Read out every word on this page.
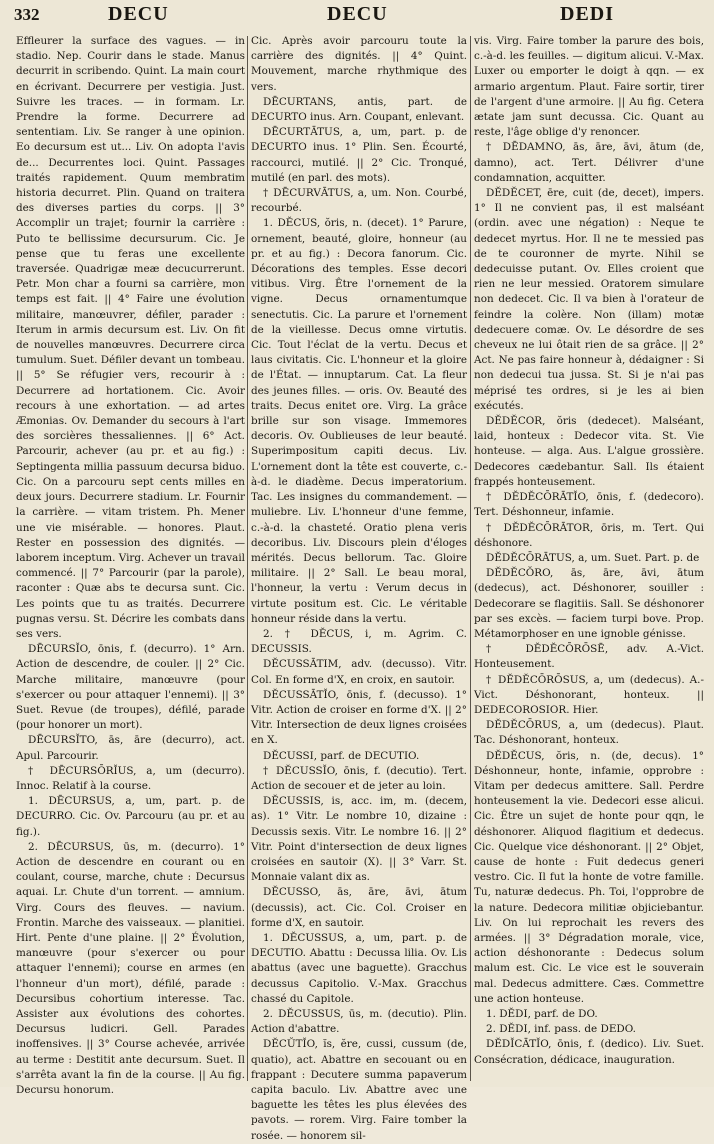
332	DECU	DECU	DEDI

Effleurer la surface des vagues. — in stadio. Nep. Courir dans le stade. Manus decurrit in scribendo. Quint. La main court en écrivant. Decurrere per vestigia. Just. Suivre les traces. — in formam. Lr. Prendre la forme. Decurrere ad sententiam. Liv. Se ranger à une opinion. Eo decursum est ut... Liv. On adopta l'avis de... Decurrentes loci. Quint. Passages traités rapidement. Quum membratim historia decurret. Plin. Quand on traitera des diverses parties du corps. || 3° Accomplir un trajet; fournir la carrière : Puto te bellissime decursurum. Cic. Je pense que tu feras une excellente traversée. Quadrigæ meæ decucurrerunt. Petr. Mon char a fourni sa carrière, mon temps est fait. || 4° Faire une évolution militaire, manœuvrer, défiler, parader : Iterum in armis decursum est. Liv. On fit de nouvelles manœuvres. Decurrere circa tumulum. Suet. Défiler devant un tombeau. || 5° Se réfugier vers, recourir à : Decurrere ad hortationem. Cic. Avoir recours à une exhortation. — ad artes Æmonias. Ov. Demander du secours à l'art des sorcières thessaliennes. || 6° Act. Parcourir, achever (au pr. et au fig.) : Septingenta millia passuum decursa biduo. Cic. On a parcouru sept cents milles en deux jours. Decurrere stadium. Lr. Fournir la carrière. — vitam tristem. Ph. Mener une vie misérable. — honores. Plaut. Rester en possession des dignités. — laborem inceptum. Virg. Achever un travail commencé. || 7° Parcourir (par la parole), raconter : Quæ abs te decursa sunt. Cic. Les points que tu as traités. Decurrere pugnas versu. St. Décrire les combats dans ses vers.

DĒCURSĬO, ōnis, f. (decurro). 1° Arn. Action de descendre, de couler. || 2° Cic. Marche militaire, manœuvre (pour s'exercer ou pour attaquer l'ennemi). || 3° Suet. Revue (de troupes), défilé, parade (pour honorer un mort).

DĒCURSĬTO, ās, āre (decurro), act. Apul. Parcourir.

† DĒCURSŌRĬUS, a, um (decurro). Innoc. Relatif à la course.

1. DĒCURSUS, a, um, part. p. de DECURRO. Cic. Ov. Parcouru (au pr. et au fig.).

2. DĒCURSUS, ūs, m. (decurro). 1° Action de descendre en courant ou en coulant, course, marche, chute : Decursus aquai. Lr. Chute d'un torrent. — amnium. Virg. Cours des fleuves. — navium. Frontin. Marche des vaisseaux. — planitiei. Hirt. Pente d'une plaine. || 2° Évolution, manœuvre (pour s'exercer ou pour attaquer l'ennemi); course en armes (en l'honneur d'un mort), défilé, parade : Decursibus cohortium interesse. Tac. Assister aux évolutions des cohortes. Decursus ludicri. Gell. Parades inoffensives. || 3° Course achevée, arrivée au terme : Destitit ante decursum. Suet. Il s'arrêta avant la fin de la course. || Au fig. Decursu honorum.

Cic. Après avoir parcouru toute la carrière des dignités. || 4° Quint. Mouvement, marche rhythmique des vers.

DĒCURTANS, antis, part. de DECURTO inus. Arn. Coupant, enlevant.

DĒCURTĀTUS, a, um, part. p. de DECURTO inus. 1° Plin. Sen. Écourté, raccourci, mutilé. || 2° Cic. Tronqué, mutilé (en parl. des mots).

† DĒCURVĀTUS, a, um. Non. Courbé, recourbé.

1. DĔCUS, ŏris, n. (decet). 1° Parure, ornement, beauté, gloire, honneur (au pr. et au fig.) : Decora fanorum. Cic. Décorations des temples. Esse decori vitibus. Virg. Être l'ornement de la vigne. Decus ornamentumque senectutis. Cic. La parure et l'ornement de la vieillesse. Decus omne virtutis. Cic. Tout l'éclat de la vertu. Decus et laus civitatis. Cic. L'honneur et la gloire de l'État. — innuptarum. Cat. La fleur des jeunes filles. — oris. Ov. Beauté des traits. Decus enitet ore. Virg. La grâce brille sur son visage. Immemores decoris. Ov. Oublieuses de leur beauté. Superimpositum capiti decus. Liv. L'ornement dont la tête est couverte, c.-à-d. le diadème. Decus imperatorium. Tac. Les insignes du commandement. — muliebre. Liv. L'honneur d'une femme, c.-à-d. la chasteté. Oratio plena veris decoribus. Liv. Discours plein d'éloges mérités. Decus bellorum. Tac. Gloire militaire. || 2° Sall. Le beau moral, l'honneur, la vertu : Verum decus in virtute positum est. Cic. Le véritable honneur réside dans la vertu.

2. † DĔCUS, i, m. Agrim. C. DECUSSIS.

DĔCUSSĀTIM, adv. (decusso). Vitr. Col. En forme d'X, en croix, en sautoir.

DĔCUSSĀTĬO, ōnis, f. (decusso). 1° Vitr. Action de croiser en forme d'X. || 2° Vitr. Intersection de deux lignes croisées en X.

DĔCUSSI, parf. de DECUTIO.

† DĔCUSSĬO, ōnis, f. (decutio). Tert. Action de secouer et de jeter au loin.

DĔCUSSIS, is, acc. im, m. (decem, as). 1° Vitr. Le nombre 10, dizaine : Decussis sexis. Vitr. Le nombre 16. || 2° Vitr. Point d'intersection de deux lignes croisées en sautoir (X). || 3° Varr. St. Monnaie valant dix as.

DĔCUSSO, ās, āre, āvi, ātum (decussis), act. Cic. Col. Croiser en forme d'X, en sautoir.

1. DĔCUSSUS, a, um, part. p. de DECUTIO. Abattu : Decussa lilia. Ov. Lis abattus (avec une baguette). Gracchus decussus Capitolio. V.-Max. Gracchus chassé du Capitole.

2. DĔCUSSUS, ūs, m. (decutio). Plin. Action d'abattre.

DĔCŬTĬO, ĭs, ĕre, cussi, cussum (de, quatio), act. Abattre en secouant ou en frappant : Decutere summa papaverum capita baculo. Liv. Abattre avec une baguette les têtes les plus élevées des pavots. — rorem. Virg. Faire tomber la rosée. — honorem sil-

vis. Virg. Faire tomber la parure des bois, c.-à-d. les feuilles. — digitum alicui. V.-Max. Luxer ou emporter le doigt à qqn. — ex armario argentum. Plaut. Faire sortir, tirer de l'argent d'une armoire. || Au fig. Cetera ætate jam sunt decussa. Cic. Quant au reste, l'âge oblige d'y renoncer.

† DĒDAMNO, ās, āre, āvi, ātum (de, damno), act. Tert. Délivrer d'une condamnation, acquitter.

DĔDĔCET, ēre, cuit (de, decet), impers. 1° Il ne convient pas, il est malséant (ordin. avec une négation) : Neque te dedecet myrtus. Hor. Il ne te messied pas de te couronner de myrte. Nihil se dedecuisse putant. Ov. Elles croient que rien ne leur messied. Oratorem simulare non dedecet. Cic. Il va bien à l'orateur de feindre la colère. Non (illam) motæ dedecuere comæ. Ov. Le désordre de ses cheveux ne lui ôtait rien de sa grâce. || 2° Act. Ne pas faire honneur à, dédaigner : Si non dedecui tua jussa. St. Si je n'ai pas méprisé tes ordres, si je les ai bien exécutés.

DĔDĔCOR, ŏris (dedecet). Malséant, laid, honteux : Dedecor vita. St. Vie honteuse. — alga. Aus. L'algue grossière. Dedecores cædebantur. Sall. Ils étaient frappés honteusement.

† DĔDĔCŌRĀTĬO, ōnis, f. (dedecoro). Tert. Déshonneur, infamie.

† DĔDĔCŌRĀTOR, ōris, m. Tert. Qui déshonore.

DĔDĔCŌRĀTUS, a, um. Suet. Part. p. de

DĔDĔCŎRO, ās, āre, āvi, ātum (dedecus), act. Déshonorer, souiller : Dedecorare se flagitiis. Sall. Se déshonorer par ses excès. — faciem turpi bove. Prop. Métamorphoser en une ignoble génisse.

† DĔDĔCŌRŌSĒ, adv. A.-Vict. Honteusement.

† DĔDĔCŌRŌSUS, a, um (dedecus). A.-Vict. Déshonorant, honteux. || DEDECOROSIOR. Hier.

DĔDĔCŌRUS, a, um (dedecus). Plaut. Tac. Déshonorant, honteux.

DĔDĔCUS, ŏris, n. (de, decus). 1° Déshonneur, honte, infamie, opprobre : Vitam per dedecus amittere. Sall. Perdre honteusement la vie. Dedecori esse alicui. Cic. Être un sujet de honte pour qqn, le déshonorer. Aliquod flagitium et dedecus. Cic. Quelque vice déshonorant. || 2° Objet, cause de honte : Fuit dedecus generi vestro. Cic. Il fut la honte de votre famille. Tu, naturæ dedecus. Ph. Toi, l'opprobre de la nature. Dedecora militiæ objiciebantur. Liv. On lui reprochait les revers des armées. || 3° Dégradation morale, vice, action déshonorante : Dedecus solum malum est. Cic. Le vice est le souverain mal. Dedecus admittere. Cæs. Commettre une action honteuse.

1. DĔDI, parf. de DO.

2. DĔDI, inf. pass. de DEDO.

DĔDĬCĀTĬO, ōnis, f. (dedico). Liv. Suet. Consécration, dédicace, inauguration.
